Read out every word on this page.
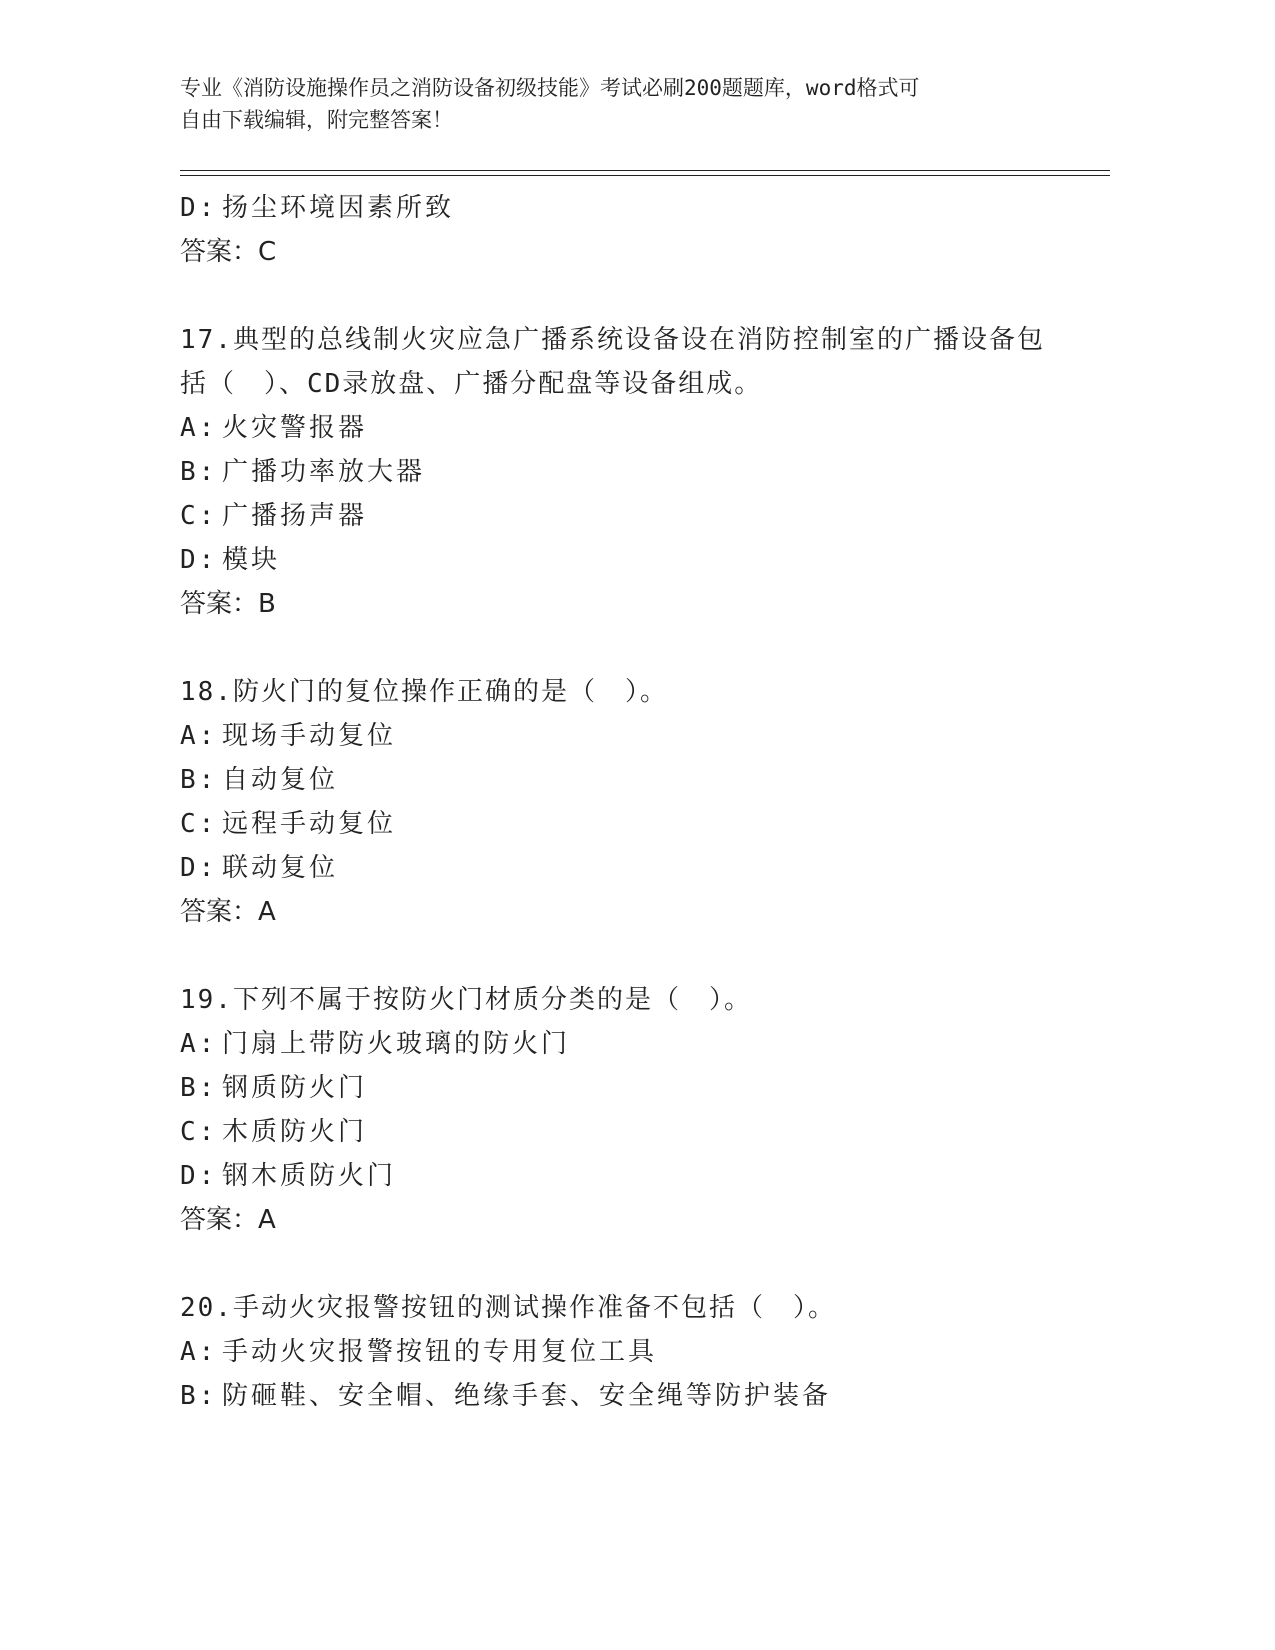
专业《消防设施操作员之消防设备初级技能》考试必刷200题题库，word格式可
自由下载编辑，附完整答案！
D: 扬尘环境因素所致
答案：C
17.典型的总线制火灾应急广播系统设备设在消防控制室的广播设备包
括（　）、CD录放盘、广播分配盘等设备组成。
A: 火灾警报器
B: 广播功率放大器
C: 广播扬声器
D: 模块
答案：B
18.防火门的复位操作正确的是（　）。
A: 现场手动复位
B: 自动复位
C: 远程手动复位
D: 联动复位
答案：A
19.下列不属于按防火门材质分类的是（　）。
A: 门扇上带防火玻璃的防火门
B: 钢质防火门
C: 木质防火门
D: 钢木质防火门
答案：A
20.手动火灾报警按钮的测试操作准备不包括（　）。
A: 手动火灾报警按钮的专用复位工具
B: 防砸鞋、安全帽、绝缘手套、安全绳等防护装备
